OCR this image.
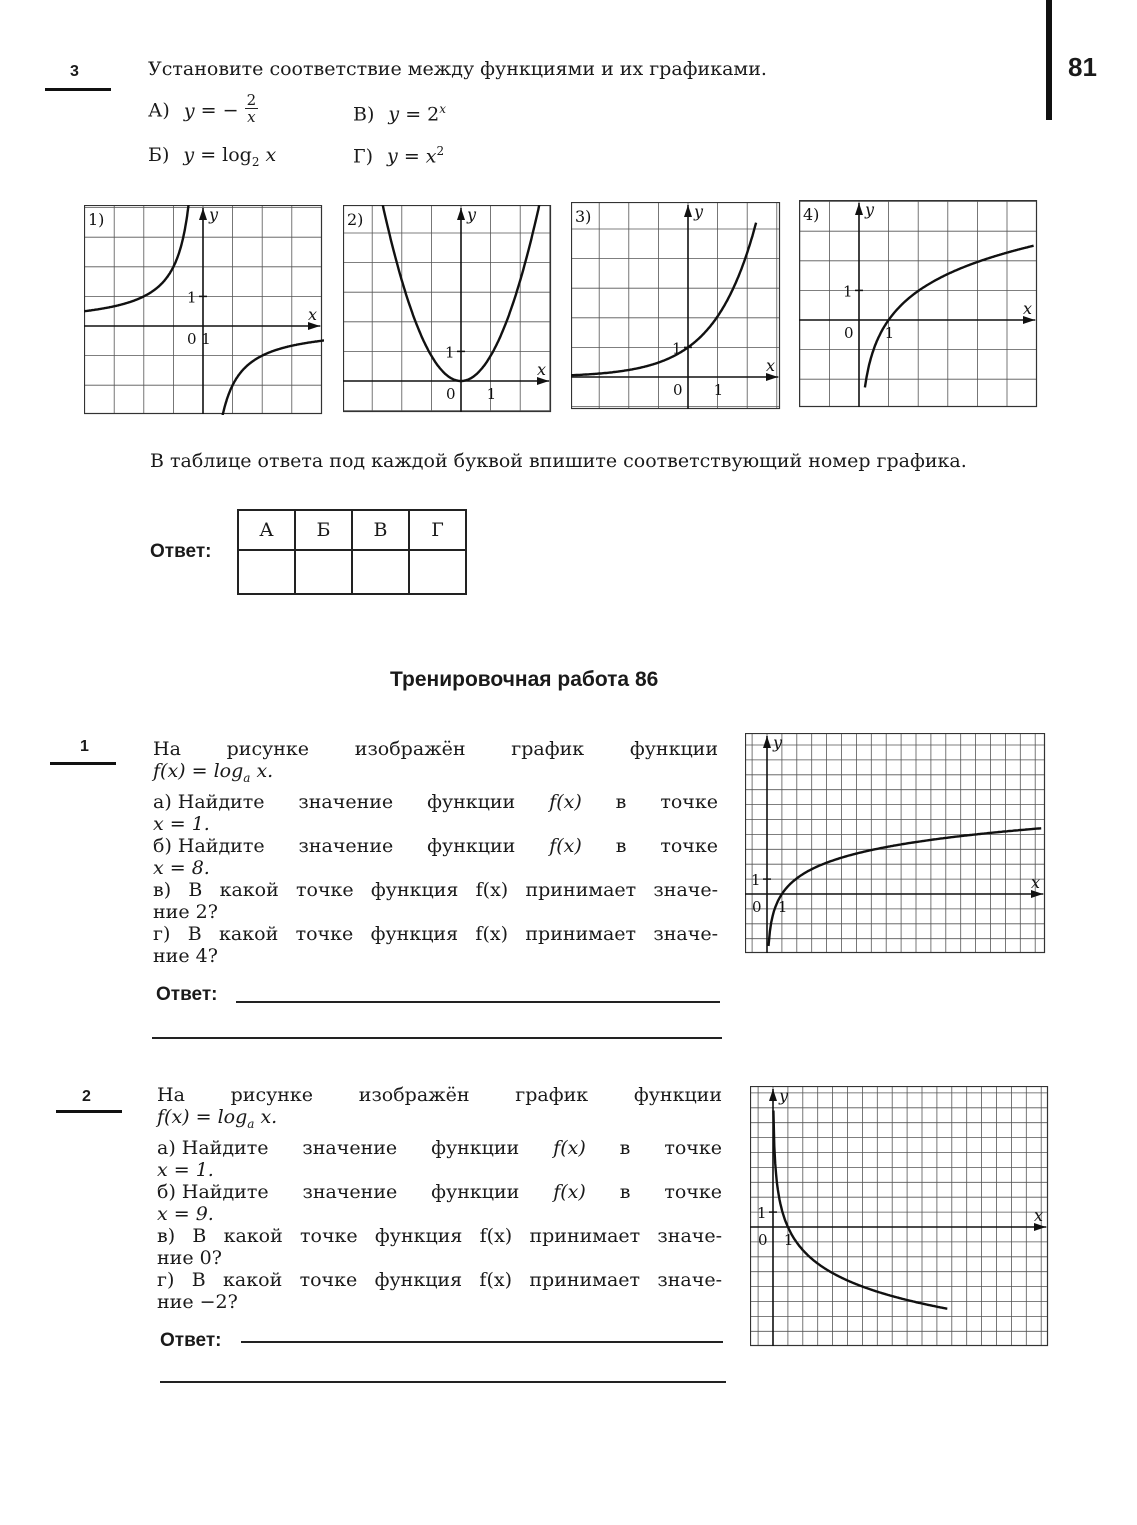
81
3	Установите соответствие между функциями и их графиками.
А) y = − $\frac{2}{x}$	В) $y = 2^x$
Б) $y = \log_2 x$	Г) $y = x^2$
1)	y
x
1
0 1
2)	y
x
1
0 1
3)	y
x
1
0 1
4)	y
x
1
0 1
В таблице ответа под каждой буквой впишите соответствующий номер графика.
Ответ:
А	Б	В	Г

Тренировочная работа 86
1	На рисунке изображён график функции
$f(x) = \log_a x$.
а) Найдите значение функции f(x) в точке
x = 1.
б) Найдите значение функции f(x) в точке
x = 8.
в) В какой точке функция f(x) принимает значе-
ние 2?
г) В какой точке функция f(x) принимает значе-
ние 4?
Ответ:
y
x
1
0 1
2	На рисунке изображён график функции
$f(x) = \log_a x$.
а) Найдите значение функции f(x) в точке
x = 1.
б) Найдите значение функции f(x) в точке
x = 9.
в) В какой точке функция f(x) принимает значе-
ние 0?
г) В какой точке функция f(x) принимает значе-
ние −2?
Ответ:
y
x
1
0 1
